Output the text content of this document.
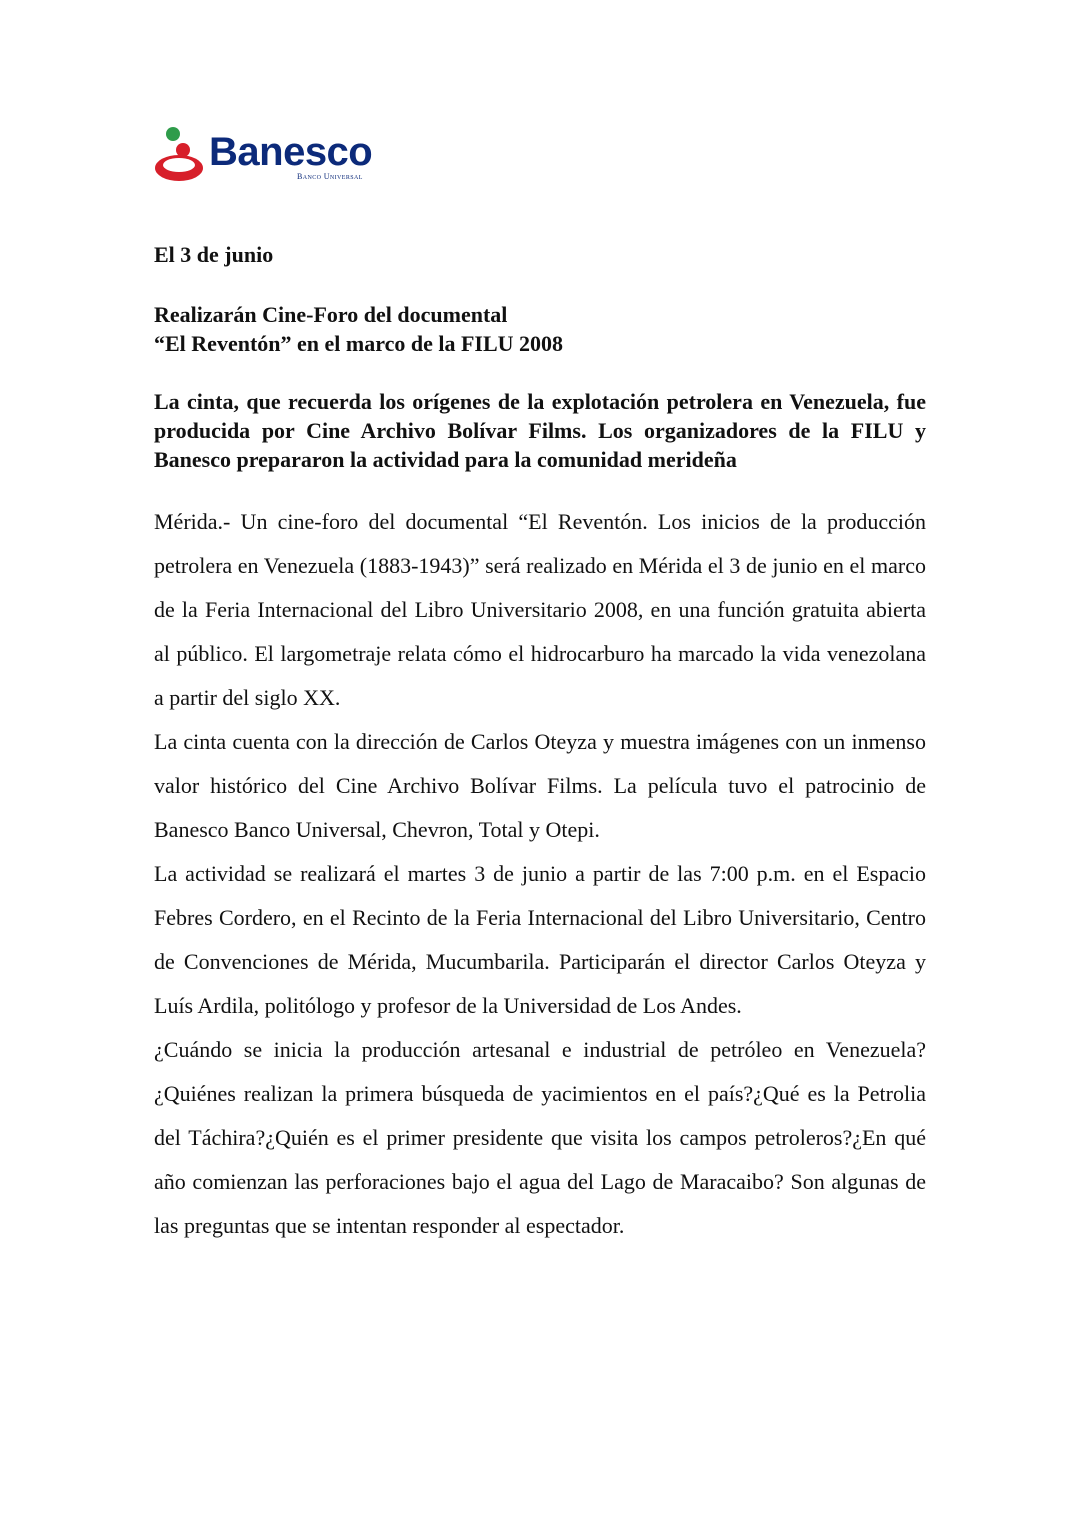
Banesco
Banco Universal

El 3 de junio

Realizarán Cine-Foro del documental
“El Reventón” en el marco de la FILU 2008

La cinta, que recuerda los orígenes de la explotación petrolera en Venezuela, fue producida por Cine Archivo Bolívar Films. Los organizadores de la FILU y Banesco prepararon la actividad para la comunidad merideña

Mérida.- Un cine-foro del documental “El Reventón. Los inicios de la producción petrolera en Venezuela (1883-1943)” será realizado en Mérida el 3 de junio en el marco de la Feria Internacional del Libro Universitario 2008, en una función gratuita abierta al público. El largometraje relata cómo el hidrocarburo ha marcado la vida venezolana a partir del siglo XX.

La cinta cuenta con la dirección de Carlos Oteyza y muestra imágenes con un inmenso valor histórico del Cine Archivo Bolívar Films. La película tuvo el patrocinio de Banesco Banco Universal, Chevron, Total y Otepi.

La actividad se realizará el martes 3 de junio a partir de las 7:00 p.m. en el Espacio Febres Cordero, en el Recinto de la Feria Internacional del Libro Universitario, Centro de Convenciones de Mérida, Mucumbarila. Participarán el director Carlos Oteyza y Luís Ardila, politólogo y profesor de la Universidad de Los Andes.

¿Cuándo se inicia la producción artesanal e industrial de petróleo en Venezuela?¿Quiénes realizan la primera búsqueda de yacimientos en el país?¿Qué es la Petrolia del Táchira?¿Quién es el primer presidente que visita los campos petroleros?¿En qué año comienzan las perforaciones bajo el agua del Lago de Maracaibo? Son algunas de las preguntas que se intentan responder al espectador.
